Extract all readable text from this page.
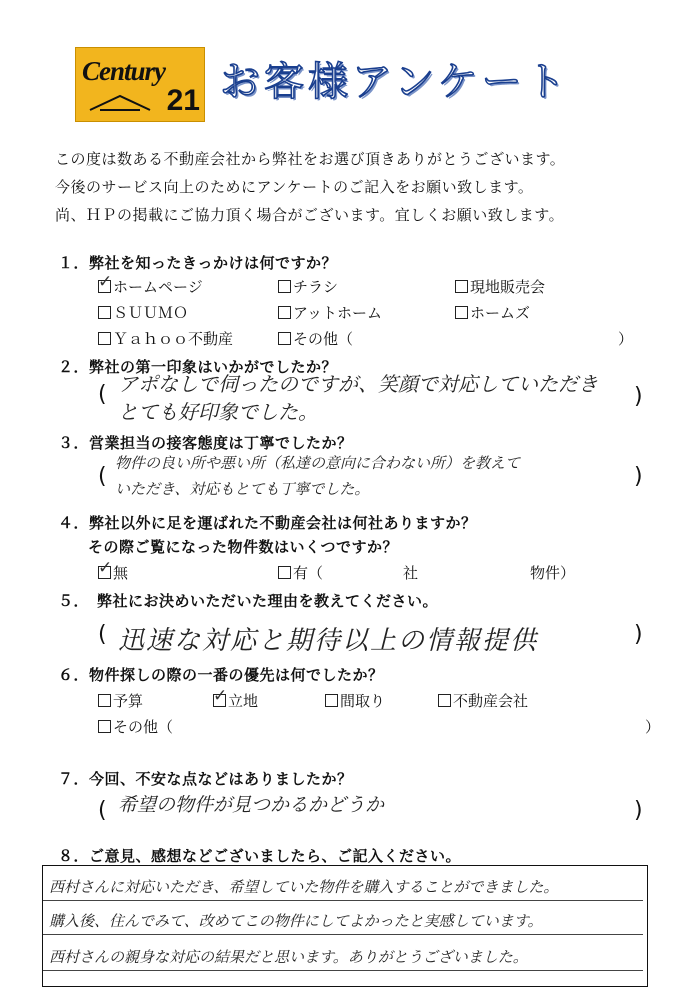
Century
21 お客様アンケート
この度は数ある不動産会社から弊社をお選び頂きありがとうございます。
今後のサービス向上のためにアンケートのご記入をお願い致します。
尚、ＨＰの掲載にご協力頂く場合がございます。宜しくお願い致します。
１．弊社を知ったきっかけは何ですか？
✓ ホームページ	チラシ	現地販売会
ＳＵＵＭＯ	アットホーム	ホームズ
Ｙａｈｏｏ不動産	その他（	）
２．弊社の第一印象はいかがでしたか？
( アポなしで伺ったのですが、笑顔で対応していただき
とても好印象でした。
)
３．営業担当の接客態度は丁寧でしたか？
(
物件の良い所や悪い所（私達の意向に合わない所）を教えて
いただき、対応もとても丁寧でした。	)
４．弊社以外に足を運ばれた不動産会社は何社ありますか？
その際ご覧になった物件数はいくつですか？
✓ 無	有（	社	物件）
５．　弊社にお決めいただいた理由を教えてください。
( 迅速な対応と期待以上の情報提供	)
６．物件探しの際の一番の優先は何でしたか？
予算	✓ 立地	間取り	不動産会社
その他（	）
７．今回、不安な点などはありましたか？
( 希望の物件が見つかるかどうか	)
８．ご意見、感想などございましたら、ご記入ください。
西村さんに対応いただき、希望していた物件を購入することができました。
購入後、住んでみて、改めてこの物件にしてよかったと実感しています。
西村さんの親身な対応の結果だと思います。ありがとうございました。
